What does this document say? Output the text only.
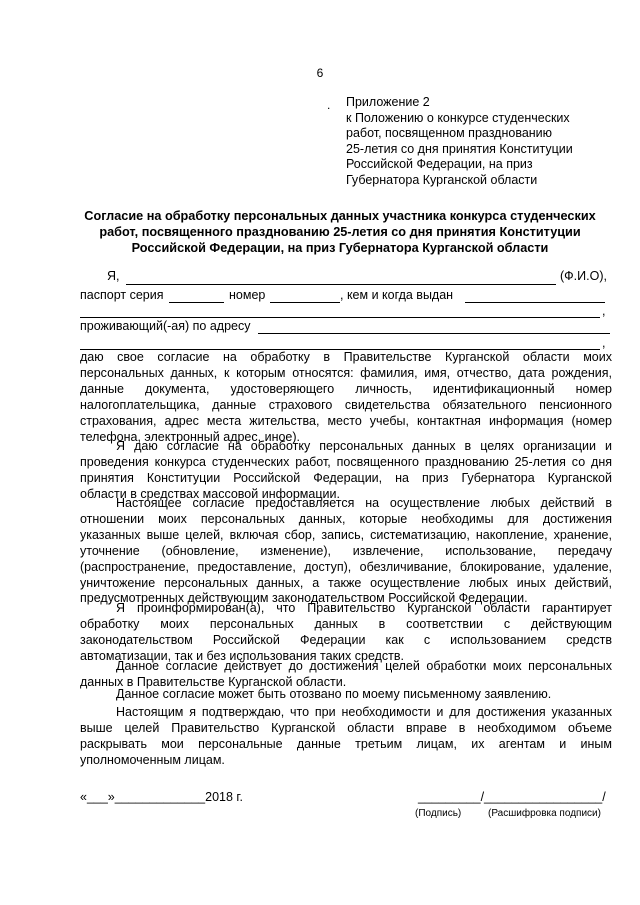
6
. Приложение 2
к Положению о конкурсе студенческих
работ, посвященном празднованию
25-летия со дня принятия Конституции
Российской Федерации, на приз
Губернатора Курганской области
Согласие на обработку персональных данных участника конкурса студенческих
работ, посвященного празднованию 25-летия со дня принятия Конституции
Российской Федерации, на приз Губернатора Курганской области
Я,	(Ф.И.О),
паспорт серия	номер	, кем и когда выдан
,
проживающий(-ая) по адресу
,
даю свое согласие на обработку в Правительстве Курганской области моих
персональных данных, к которым относятся: фамилия, имя, отчество, дата рождения,
данные документа, удостоверяющего личность, идентификационный номер
налогоплательщика, данные страхового свидетельства обязательного пенсионного
страхования, адрес места жительства, место учебы, контактная информация (номер
телефона, электронный адрес, иное).
Я даю согласие на обработку персональных данных в целях организации и
проведения конкурса студенческих работ, посвященного празднованию 25-летия со дня
принятия Конституции Российской Федерации, на приз Губернатора Курганской
области в средствах массовой информации.
Настоящее согласие предоставляется на осуществление любых действий в
отношении моих персональных данных, которые необходимы для достижения
указанных выше целей, включая сбор, запись, систематизацию, накопление, хранение,
уточнение (обновление, изменение), извлечение, использование, передачу
(распространение, предоставление, доступ), обезличивание, блокирование, удаление,
уничтожение персональных данных, а также осуществление любых иных действий,
предусмотренных действующим законодательством Российской Федерации.
Я проинформирован(а), что Правительство Курганской области гарантирует
обработку моих персональных данных в соответствии с действующим
законодательством Российской Федерации как с использованием средств
автоматизации, так и без использования таких средств.
Данное согласие действует до достижения целей обработки моих персональных
данных в Правительстве Курганской области.
Данное согласие может быть отозвано по моему письменному заявлению.
Настоящим я подтверждаю, что при необходимости и для достижения указанных
выше целей Правительство Курганской области вправе в необходимом объеме
раскрывать мои персональные данные третьим лицам, их агентам и иным
уполномоченным лицам.
«___»_____________2018 г.	_________/_________________/
(Подпись)	(Расшифровка подписи)
